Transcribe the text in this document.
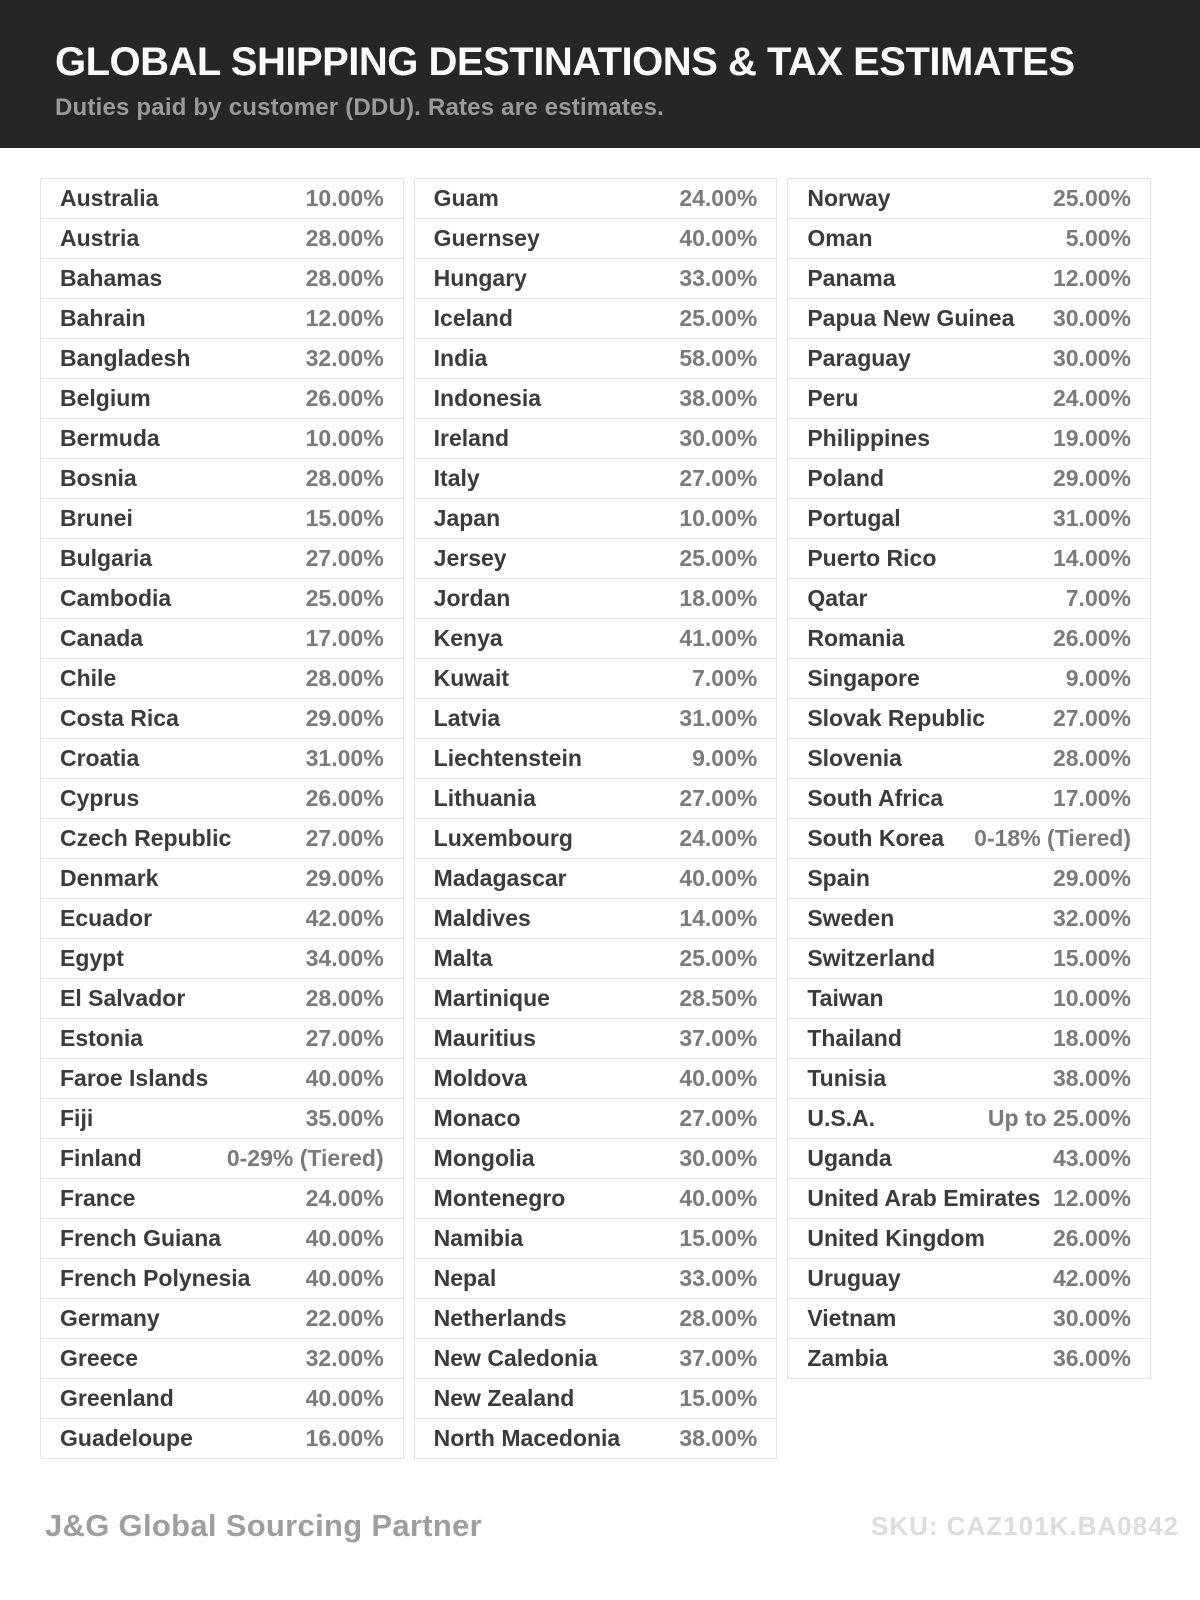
GLOBAL SHIPPING DESTINATIONS & TAX ESTIMATES
Duties paid by customer (DDU). Rates are estimates.
Australia	10.00%
Austria	28.00%
Bahamas	28.00%
Bahrain	12.00%
Bangladesh	32.00%
Belgium	26.00%
Bermuda	10.00%
Bosnia	28.00%
Brunei	15.00%
Bulgaria	27.00%
Cambodia	25.00%
Canada	17.00%
Chile	28.00%
Costa Rica	29.00%
Croatia	31.00%
Cyprus	26.00%
Czech Republic	27.00%
Denmark	29.00%
Ecuador	42.00%
Egypt	34.00%
El Salvador	28.00%
Estonia	27.00%
Faroe Islands	40.00%
Fiji	35.00%
Finland	0-29% (Tiered)
France	24.00%
French Guiana	40.00%
French Polynesia 40.00%
Germany	22.00%
Greece	32.00%
Greenland	40.00%
Guadeloupe	16.00%
Guam	24.00%
Guernsey	40.00%
Hungary	33.00%
Iceland	25.00%
India	58.00%
Indonesia	38.00%
Ireland	30.00%
Italy	27.00%
Japan	10.00%
Jersey	25.00%
Jordan	18.00%
Kenya	41.00%
Kuwait	7.00%
Latvia	31.00%
Liechtenstein	9.00%
Lithuania	27.00%
Luxembourg	24.00%
Madagascar	40.00%
Maldives	14.00%
Malta	25.00%
Martinique	28.50%
Mauritius	37.00%
Moldova	40.00%
Monaco	27.00%
Mongolia	30.00%
Montenegro	40.00%
Namibia	15.00%
Nepal	33.00%
Netherlands	28.00%
New Caledonia	37.00%
New Zealand	15.00%
North Macedonia	38.00%
Norway	25.00%
Oman	5.00%
Panama	12.00%
Papua New Guinea 30.00%
Paraguay	30.00%
Peru	24.00%
Philippines	19.00%
Poland	29.00%
Portugal	31.00%
Puerto Rico	14.00%
Qatar	7.00%
Romania	26.00%
Singapore	9.00%
Slovak Republic	27.00%
Slovenia	28.00%
South Africa	17.00%
South Korea 0-18% (Tiered)
Spain	29.00%
Sweden	32.00%
Switzerland	15.00%
Taiwan	10.00%
Thailand	18.00%
Tunisia	38.00%
U.S.A.	Up to 25.00%
Uganda	43.00%
United Arab Emirates 12.00%
United Kingdom	26.00%
Uruguay	42.00%
Vietnam	30.00%
Zambia	36.00%
J&G Global Sourcing Partner	SKU: CAZ101K.BA0842
